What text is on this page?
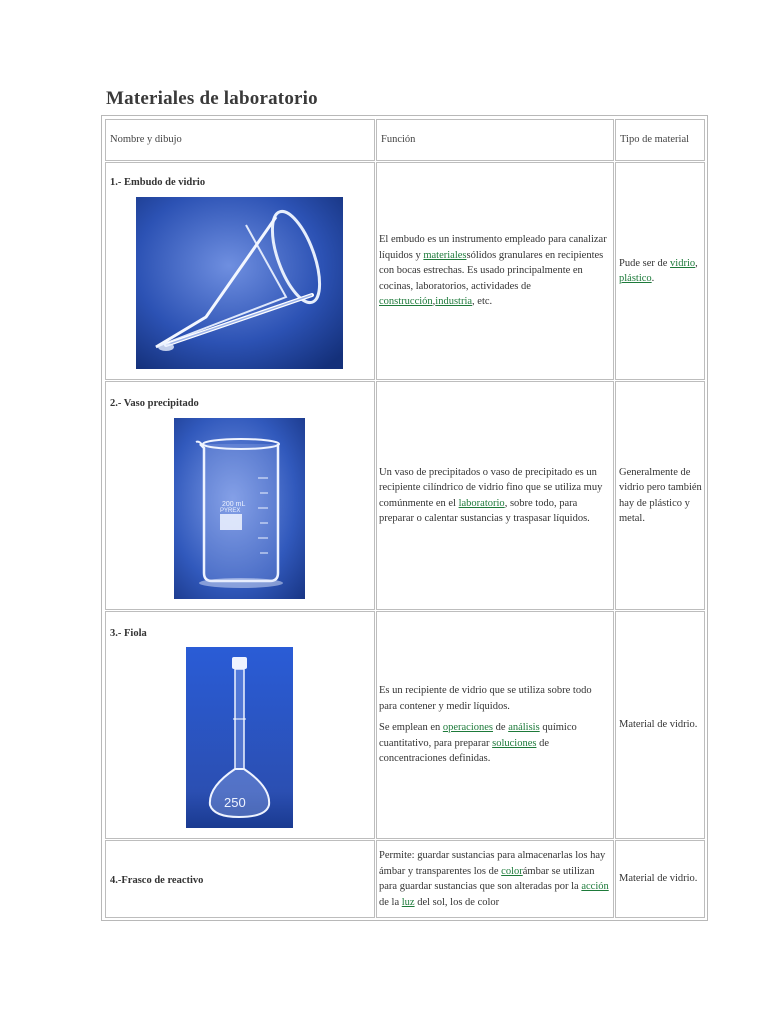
Materiales de laboratorio
Nombre y dibujo	Función	Tipo de material
1.- Embudo de vidrio

El embudo es un instrumento empleado para canalizar líquidos y materialessólidos granulares en recipientes con bocas estrechas. Es usado principalmente en cocinas, laboratorios, actividades de construcción,industria, etc.

Pude ser de vidrio, plástico.

2.- Vaso precipitado
200 mL
PYREX

Un vaso de precipitados o vaso de precipitado es un recipiente cilíndrico de vidrio fino que se utiliza muy comúnmente en el laboratorio, sobre todo, para preparar o calentar sustancias y traspasar líquidos.

Generalmente de vidrio pero también hay de plástico y metal.

3.- Fiola
250

Es un recipiente de vidrio que se utiliza sobre todo para contener y medir líquidos.

Se emplean en operaciones de análisis químico cuantitativo, para preparar soluciones de concentraciones definidas.

Material de vidrio.

4.-Frasco de reactivo

Permite: guardar sustancias para almacenarlas los hay ámbar y transparentes los de colorámbar se utilizan para guardar sustancias que son alteradas por la acción de la luz del sol, los de color

Material de vidrio.
